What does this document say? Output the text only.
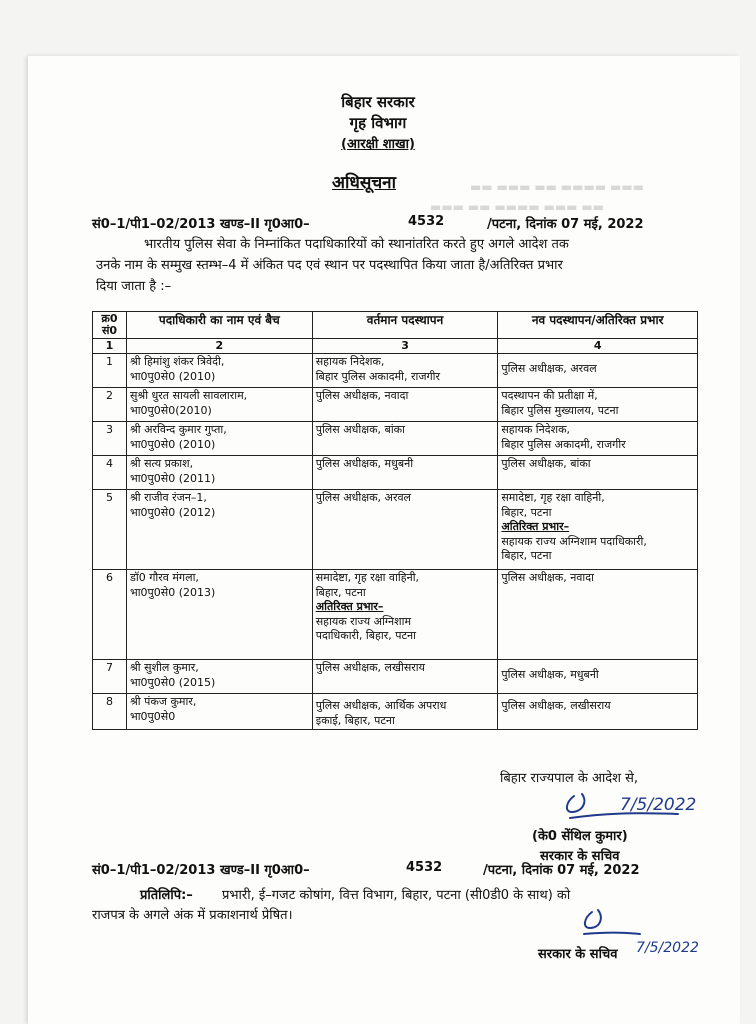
▬▬ ▬▬▬ ▬▬ ▬▬▬▬ ▬▬▬
▬▬▬ ▬▬ ▬▬▬▬ ▬▬▬ ▬▬
बिहार सरकार
गृह विभाग
(आरक्षी शाखा)
अधिसूचना
सं0–1/पी1–02/2013 खण्ड–II गृ0आ0–	4532	/पटना, दिनांक 07 मई, 2022
भारतीय पुलिस सेवा के निम्नांकित पदाधिकारियों को स्थानांतरित करते हुए अगले आदेश तक
उनके नाम के सम्मुख स्तम्भ–4 में अंकित पद एवं स्थान पर पदस्थापित किया जाता है/अतिरिक्त प्रभार
दिया जाता है :–
क्र0 सं0	पदाधिकारी का नाम एवं बैच	वर्तमान पदस्थापन	नव पदस्थापन/अतिरिक्त प्रभार
1	2	3	4
1	श्री हिमांशु शंकर त्रिवेदी,
भा0पु0से0 (2010)	सहायक निदेशक,
बिहार पुलिस अकादमी, राजगीर	पुलिस अधीक्षक, अरवल

2	सुश्री धुरत सायली सावलाराम,
भा0पु0से0(2010)	पुलिस अधीक्षक, नवादा	पदस्थापन की प्रतीक्षा में,
बिहार पुलिस मुख्यालय, पटना

3	श्री अरविन्द कुमार गुप्ता,
भा0पु0से0 (2010)	पुलिस अधीक्षक, बांका	सहायक निदेशक,
बिहार पुलिस अकादमी, राजगीर

4	श्री सत्य प्रकाश,
भा0पु0से0 (2011)	पुलिस अधीक्षक, मधुबनी	पुलिस अधीक्षक, बांका

5	श्री राजीव रंजन–1,
भा0पु0से0 (2012)	पुलिस अधीक्षक, अरवल	समादेष्टा, गृह रक्षा वाहिनी,
बिहार, पटना
अतिरिक्त प्रभार–
सहायक राज्य अग्निशाम पदाधिकारी,
बिहार, पटना

6	डॉ0 गौरव मंगला,
भा0पु0से0 (2013)	समादेष्टा, गृह रक्षा वाहिनी,
बिहार, पटना
अतिरिक्त प्रभार–
सहायक राज्य अग्निशाम
पदाधिकारी, बिहार, पटना	पुलिस अधीक्षक, नवादा

7	श्री सुशील कुमार,
भा0पु0से0 (2015)	पुलिस अधीक्षक, लखीसराय	पुलिस अधीक्षक, मधुबनी

8	श्री पंकज कुमार,
भा0पु0से0	पुलिस अधीक्षक, आर्थिक अपराध
इकाई, बिहार, पटना	पुलिस अधीक्षक, लखीसराय
बिहार राज्यपाल के आदेश से,
7/5/2022
(के0 सेंथिल कुमार)
सरकार के सचिव
सं0–1/पी1–02/2013 खण्ड–II गृ0आ0–	4532	/पटना, दिनांक 07 मई, 2022
प्रतिलिपि:– प्रभारी, ई–गजट कोषांग, वित्त विभाग, बिहार, पटना (सी0डी0 के साथ) को
राजपत्र के अगले अंक में प्रकाशनार्थ प्रेषित।
7/5/2022
सरकार के सचिव
